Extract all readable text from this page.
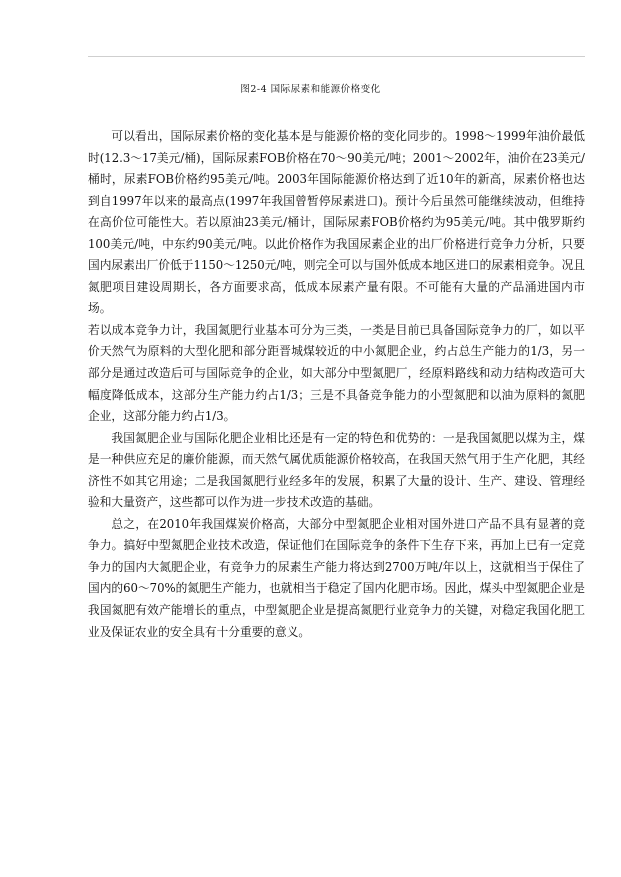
图2-4 国际尿素和能源价格变化

可以看出，国际尿素价格的变化基本是与能源价格的变化同步的。1998～1999年油价最低时(12.3～17美元/桶)，国际尿素FOB价格在70～90美元/吨；2001～2002年，油价在23美元/桶时，尿素FOB价格约95美元/吨。2003年国际能源价格达到了近10年的新高，尿素价格也达到自1997年以来的最高点(1997年我国曾暂停尿素进口)。预计今后虽然可能继续波动，但维持在高价位可能性大。若以原油23美元/桶计，国际尿素FOB价格约为95美元/吨。其中俄罗斯约100美元/吨，中东约90美元/吨。以此价格作为我国尿素企业的出厂价格进行竞争力分析，只要国内尿素出厂价低于1150～1250元/吨，则完全可以与国外低成本地区进口的尿素相竞争。况且氮肥项目建设周期长，各方面要求高，低成本尿素产量有限。不可能有大量的产品涌进国内市场。

若以成本竞争力计，我国氮肥行业基本可分为三类，一类是目前已具备国际竞争力的厂，如以平价天然气为原料的大型化肥和部分距晋城煤较近的中小氮肥企业，约占总生产能力的1/3，另一部分是通过改造后可与国际竞争的企业，如大部分中型氮肥厂，经原料路线和动力结构改造可大幅度降低成本，这部分生产能力约占1/3；三是不具备竞争能力的小型氮肥和以油为原料的氮肥企业，这部分能力约占1/3。

我国氮肥企业与国际化肥企业相比还是有一定的特色和优势的：一是我国氮肥以煤为主，煤是一种供应充足的廉价能源，而天然气属优质能源价格较高，在我国天然气用于生产化肥，其经济性不如其它用途；二是我国氮肥行业经多年的发展，积累了大量的设计、生产、建设、管理经验和大量资产，这些都可以作为进一步技术改造的基础。

总之，在2010年我国煤炭价格高，大部分中型氮肥企业相对国外进口产品不具有显著的竞争力。搞好中型氮肥企业技术改造，保证他们在国际竞争的条件下生存下来，再加上已有一定竞争力的国内大氮肥企业，有竞争力的尿素生产能力将达到2700万吨/年以上，这就相当于保住了国内的60～70%的氮肥生产能力，也就相当于稳定了国内化肥市场。因此，煤头中型氮肥企业是我国氮肥有效产能增长的重点，中型氮肥企业是提高氮肥行业竞争力的关键，对稳定我国化肥工业及保证农业的安全具有十分重要的意义。
